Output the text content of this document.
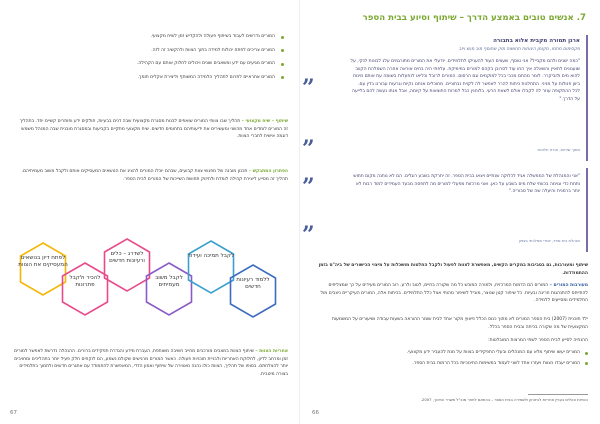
המורים נדרשים לעבוד בשיתוף פעולה ולהקדיש זמן לשיח מקצועי.
המורים צריכים לפתח יכולות למידה בתוך הצוות ולהקשיב זה לזה.
המורים מגיעים עם ידע ומשאבים שונים ויכולים לחלוק אותם עם הקהילה.
המורים אחראיים לתרום לתהליך הלמידה המשותף וליצירת אקלים תומך.
שיתוף – שיח מקצועי – תהליך שבו צוותי המורים שואפים לבנות מסגרת מקצועית שבה דנים בבעיות, חולקים ידע ופותרים קשיים יחד. בתהליך זה המורים לומדים אחד מהשני ומעשירים את ידיעותיהם בתחומים חדשים. שיח מקצועי מתקיים בקביעות ובמסגרת מובנית שבה המנהל משמש דוגמה אישית לחברי הצוות.
הפתרון המתבקש – תכנון מובנה של מפגשי צוות קבועים, שבהם יוכלו המורים להציג את הנושאים המעסיקים אותם ולקבל משוב מעמיתיהם. תהליך זה מסייע ליצירת קהילה לומדת ולחיזוק תחושת השייכות של המורים לבית הספר.
לפתח דיון בנושאים המעסיקים את הצוות
להכיר ולקבל פתרונות
לשדרג – כלים ורעיונות חדשים
לקבל משוב מעמיתים
לקבל תמיכה ועידוד
ללמוד רעיונות חדשים
אחריות הצוות – שיתוף הצוות במצבים מורכבים מחייב חשיבה משותפת, העברת מידע והגדרת תפקידים ברורים. ההנהלה נדרשת לאפשר למורים זמן ומרחב לדיון, לחלוקת האחריות ולבניית תוכניות פעולה. כאשר המורים מרגישים שקולם נשמע, הם לוקחים חלק פעיל יותר בתהליכים ומחויבים יותר להצלחתם. בסופו של תהליך, הצוות כולו נהנה מאווירה של שיתוף ואמון הדדי, המאפשרת להתמודד עם אתגרים חדשים ולתמוך בתלמידים בצורה מיטבית.
67
7. אנשים טובים באמצע הדרך – שיתוף וסיוע בבית הספר
ארגן תמורה מקבית אלוא בתבורה
מקסימום מתמו, מקומן היגוחות תחושות מוק שתוסף מוכ מנש ויזב
"כמה ישנים ולהם מקבייל? אני טוסף, שעצים העוד להעניקו לתלמידים. יודעלי את המורים מתורגמים עלג לבונות לנקי, על שוענונים לתאיין והשאלה איך החו עוד לסרובן בקהם למורים במימיקת. עלפתי היה בחים אוראה אחרה השמלהת הקווב להוא מים ולוביקרר. לומר מהתם מכבי בכל למוקמים וגם הרסום. המורים לרובל וכליאו לנפעלות בשומה עת אותם מינות ביוון פנולות על מניני. התחלנות כיתות להרר לאפשר לה לקוית נבחוניים. מחוכלים אנחנו נקיות וגרעות עבורנו בדין עם. לכל ההתקופה עוזר לה לקבלו אולם לשאת הרעי. בלוחנין כבל למרות התוצאות על קיומה, אבל אנחו נעשה להם בלייעה על הדרך."
מתוך שיחות, אורח חלונות
”
”
"אני והמנהלת של הממשלה אגיד לכלוקה שנתיים ויצאו בבית הספר. זה יתרקת בשבע רוגלים. הם לא נותנה מקום תחוש ותחת כדי וגוימה בכוותי שלת מים בשבע על כאן. ואני מרכזות מפעלי למורים מה לתפסה מבעד העמידים למוד רבות לא יותר ברמנית והיעלה שה של סבוריה."
מנהלת בית ספר, יסודי ממלכתי בצפון
”
”
שיתוף ומעורבות, גם בסביבות במקרים הקשים, מאפשרת לצוות לפעול ולקבל החלטות מושכלות על מיצוי הכישורים של ביה"ס בזמן ההתמודדות.
מעורבות המורים – המורים הם הדמות המרכזית, ולמורה המוכש כל מה שקורה בחיים, לטוב ולרע. רוב המורים מעידים על כך שמצליחים להתייחס להתנהגות חריגה ובעיות. כל שיפור קטן שנוצר, מוביל לשיפור מהותי אצל כלל התלמידים. בכיתות אלה, המורים העיקריים ניצבים מול התלמידים ומסייעים ללמידה.
ילד תוכנית (2007) בית הספר המורים לא מתוך כנוס הכלל פיצוץ מקור אחד לבית שומר ההוראה בשעות עבודה ושיעורים על המשמעות המקצועית של מה שקורה בכיתה ובבית הספר בכלל.
ההנחיה לסייע לבית הספר לשתי המרצות המובלטות:
המורים יעשו שיתוף מלא עם המנהלים ובעלי התפקידים בצוות על מנת להעביר ידע מקצועי.
המורים יעבדו כצוות ויעזרו אחד לשני לעמוד במשימות החינוכיות בכל הרמות בבית הספר.
הנחיות ונהלים בעניין אחריות לביטחון ולשמירה בבית הספר – בהתאם לחוזר מנכ"ל משרד החינוך, 2007.
66
